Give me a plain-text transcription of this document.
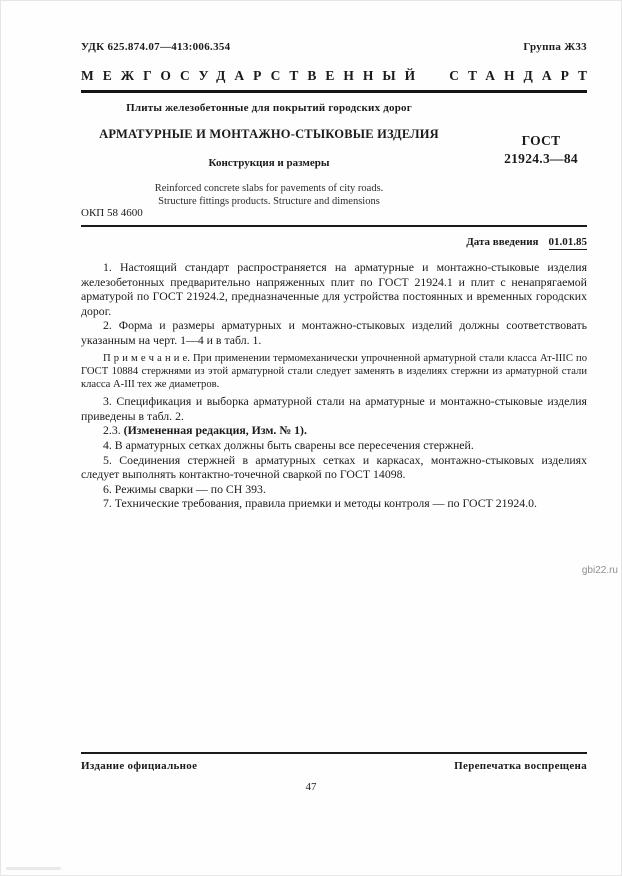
УДК 625.874.07—413:006.354	Группа Ж33
МЕЖГОСУДАРСТВЕННЫЙ СТАНДАРТ
Плиты железобетонные для покрытий городских дорог
АРМАТУРНЫЕ И МОНТАЖНО-СТЫКОВЫЕ ИЗДЕЛИЯ
Конструкция и размеры
Reinforced concrete slabs for pavements of city roads.
Structure fittings products. Structure and dimensions
ГОСТ
21924.3—84
ОКП 58 4600
Дата введения 01.01.85

1. Настоящий стандарт распространяется на арматурные и монтажно-стыковые изделия железобетонных предварительно напряженных плит по ГОСТ 21924.1 и плит с ненапрягаемой арматурой по ГОСТ 21924.2, предназначенные для устройства постоянных и временных городских дорог.

2. Форма и размеры арматурных и монтажно-стыковых изделий должны соответствовать указанным на черт. 1—4 и в табл. 1.

П р и м е ч а н и е. При применении термомеханически упрочненной арматурной стали класса Ат-IIIС по ГОСТ 10884 стержнями из этой арматурной стали следует заменять в изделиях стержни из арматурной стали класса А-III тех же диаметров.

3. Спецификация и выборка арматурной стали на арматурные и монтажно-стыковые изделия приведены в табл. 2.

2.3. (Измененная редакция, Изм. № 1).

4. В арматурных сетках должны быть сварены все пересечения стержней.

5. Соединения стержней в арматурных сетках и каркасах, монтажно-стыковых изделиях следует выполнять контактно-точечной сваркой по ГОСТ 14098.

6. Режимы сварки — по СН 393.

7. Технические требования, правила приемки и методы контроля — по ГОСТ 21924.0.

gbi22.ru
Издание официальное	Перепечатка воспрещена
47
